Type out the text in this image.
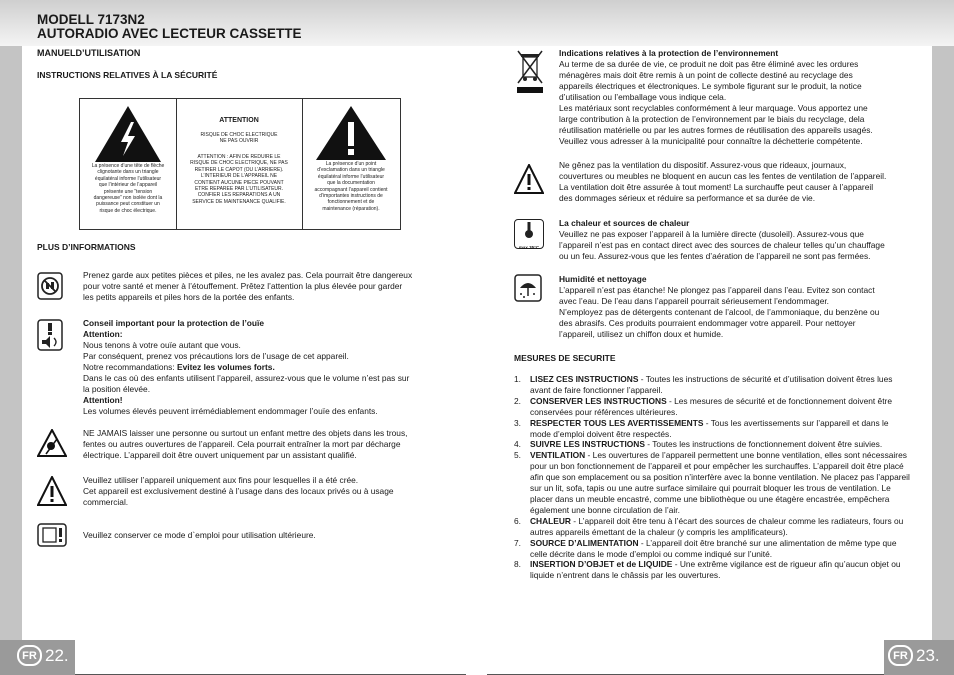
MODELL 7173N2
AUTORADIO AVEC LECTEUR CASSETTE
MANUELD’UTILISATION
INSTRUCTIONS RELATIVES À LA SÉCURITÉ
La présence d’une tête de flèche
clignotante dans un triangle
équilatéral informe l’utilisateur
que l’intérieur de l’appareil
présente une “tension
dangereuse” non isolée dont la
puissance peut constituer un
risque de choc électrique.
ATTENTION
RISQUE DE CHOC ELECTRIQUE
NE PAS OUVRIR
ATTENTION : AFIN DE REDUIRE LE
RISQUE DE CHOC ELECTRIQUE, NE PAS
RETIRER LE CAPOT (OU L’ARRIERE).
L’INTERIEUR DE L’APPAREIL NE
CONTIENT AUCUNE PIECE POUVANT
ETRE REPAREE PAR L’UTILISATEUR.
CONFIER LES REPARATIONS A UN
SERVICE DE MAINTENANCE QUALIFIE.
La présence d’un point
d’exclamation dans un triangle
équilatéral informe l’utilisateur
que la documentation
accompagnant l’appareil contient
d’importantes instructions de
fonctionnement et de
maintenance (réparation).
PLUS D’INFORMATIONS

Prenez garde aux petites pièces et piles, ne les avalez pas. Cela pourrait être dangereux

pour votre santé et mener à l’étouffement. Prêtez l’attention la plus élevée pour garder

les petits appareils et piles hors de la portée des enfants.

Conseil important pour la protection de l’ouïe

Attention:

Nous tenons à votre ouïe autant que vous.

Par conséquent, prenez vos précautions lors de l’usage de cet appareil.

Notre recommandations: Evitez les volumes forts.

Dans le cas où des enfants utilisent l’appareil, assurez-vous que le volume n’est pas sur

la position élevée.

Attention!

Les volumes élevés peuvent irrémédiablement endommager l’ouïe des enfants.

NE JAMAIS laisser une personne ou surtout un enfant mettre des objets dans les trous,

fentes ou autres ouvertures de l’appareil. Cela pourrait entraîner la mort par décharge

électrique. L’appareil doit être ouvert uniquement par un assistant qualifié.

Veuillez utiliser l’appareil uniquement aux fins pour lesquelles il a été crée.

Cet appareil est exclusivement destiné à l’usage dans des locaux privés ou à usage

commercial.

Veuillez conserver ce mode d`emploi pour utilisation ultérieure.

Indications relatives à la protection de l’environnement

Au terme de sa durée de vie, ce produit ne doit pas être éliminé avec les ordures

ménagères mais doit être remis à un point de collecte destiné au recyclage des

appareils électriques et électroniques. Le symbole figurant sur le produit, la notice

d’utilisation ou l’emballage vous indique cela.

Les matériaux sont recyclables conformément à leur marquage. Vous apportez une

large contribution à la protection de l’environnement par le biais du recyclage, dela

réutilisation matérielle ou par les autres formes de réutilisation des appareils usagés.

Veuillez vous adresser à la municipalité pour connaître la déchetterie compétente.

Ne gênez pas la ventilation du dispositif. Assurez-vous que rideaux, journaux,

couvertures ou meubles ne bloquent en aucun cas les fentes de ventilation de l’appareil.

La ventilation doit être assurée à tout moment! La surchauffe peut causer à l’appareil

des dommages sérieux et réduire sa performance et sa durée de vie.

max 35°C

La chaleur et sources de chaleur

Veuillez ne pas exposer l’appareil à la lumière directe (dusoleil). Assurez-vous que

l’appareil n’est pas en contact direct avec des sources de chaleur telles qu’un chauffage

ou un feu. Assurez-vous que les fentes d’aération de l’appareil ne sont pas fermées.

Humidité et nettoyage

L’appareil n’est pas étanche! Ne plongez pas l’appareil dans l’eau. Evitez son contact

avec l’eau. De l’eau dans l’appareil pourrait sérieusement l’endommager.

N’employez pas de détergents contenant de l’alcool, de l’ammoniaque, du benzène ou

des abrasifs. Ces produits pourraient endommager votre appareil. Pour nettoyer

l’appareil, utilisez un chiffon doux et humide.

MESURES DE SECURITE
1. LISEZ CES INSTRUCTIONS - Toutes les instructions de sécurité et d’utilisation doivent êtres lues avant de faire fonctionner l’appareil.
2. CONSERVER LES INSTRUCTIONS - Les mesures de sécurité et de fonctionnement doivent être conservées pour références ultérieures.
3. RESPECTER TOUS LES AVERTISSEMENTS - Tous les avertissements sur l’appareil et dans le mode d’emploi doivent être respectés.
4. SUIVRE LES INSTRUCTIONS - Toutes les instructions de fonctionnement doivent être suivies.
5. VENTILATION - Les ouvertures de l’appareil permettent une bonne ventilation, elles sont nécessaires pour un bon fonctionnement de l’appareil et pour empêcher les surchauffes. L’appareil doit être placé afin que son emplacement ou sa position n’interfère avec la bonne ventilation. Ne placez pas l’appareil sur un lit, sofa, tapis ou une autre surface similaire qui pourrait bloquer les trous de ventilation. Le placer dans un meuble encastré, comme une bibliothèque ou une étagère encastrée, empêchera également une bonne circulation de l’air.
6. CHALEUR - L’appareil doit être tenu à l’écart des sources de chaleur comme les radiateurs, fours ou autres appareils émettant de la chaleur (y compris les amplificateurs).
7. SOURCE D’ALIMENTATION - L’appareil doit être branché sur une alimentation de même type que celle décrite dans le mode d’emploi ou comme indiqué sur l’unité.
8. INSERTION D’OBJET et de LIQUIDE - Une extrême vigilance est de rigueur afin qu’aucun objet ou liquide n’entrent dans le châssis par les ouvertures.
FR 22.	FR 23.
